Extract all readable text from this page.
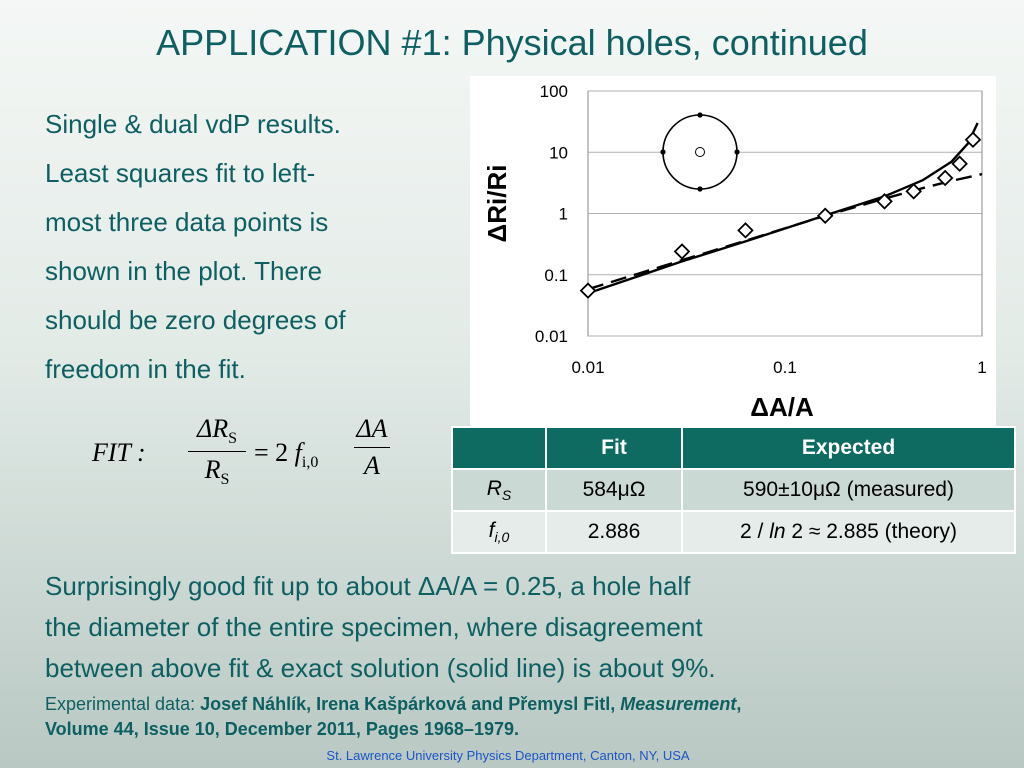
APPLICATION #1: Physical holes, continued
Single & dual vdP results.
Least squares fit to left-
most three data points is
shown in the plot. There
should be zero degrees of
freedom in the fit.
FIT :
$\Delta R_S$
$R_S$
= 2 $f_{i,0}$
ΔA
A
0.01
0.1
1
10
100
0.01	0.1	1
ΔA/A
ΔRi/Ri
	Fit	Expected
$R_S$	584μΩ	590±10μΩ (measured)
$f_{i,0}$	2.886	2 / ln 2 ≈ 2.885 (theory)
Surprisingly good fit up to about ΔA/A = 0.25, a hole half
the diameter of the entire specimen, where disagreement
between above fit & exact solution (solid line) is about 9%.
Experimental data: Josef Náhlík, Irena Kašpárková and Přemysl Fitl, Measurement,
Volume 44, Issue 10, December 2011, Pages 1968–1979.
St. Lawrence University Physics Department, Canton, NY, USA
